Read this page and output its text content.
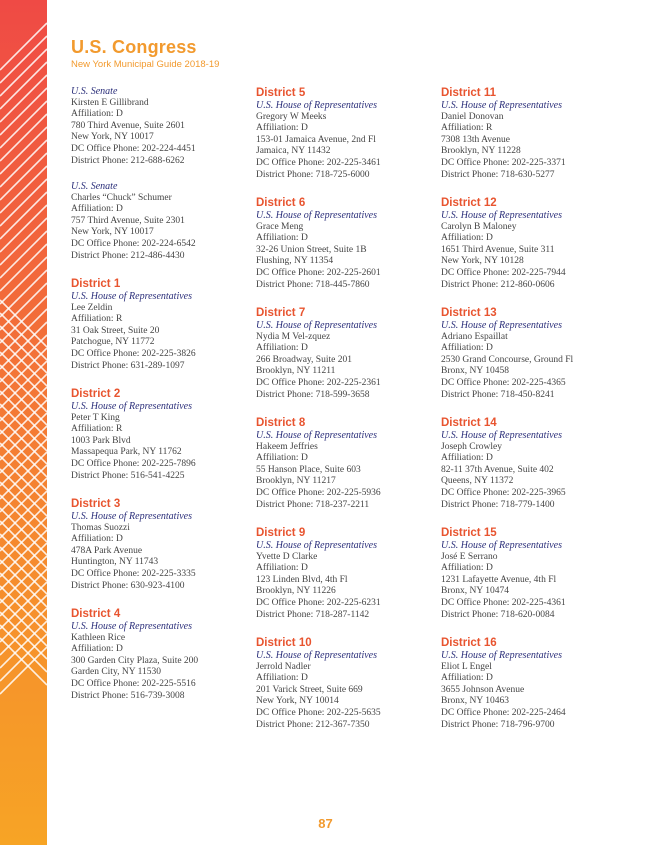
U.S. Congress
New York Municipal Guide 2018-19
U.S. Senate
Kirsten E Gillibrand
Affiliation: D
780 Third Avenue, Suite 2601
New York, NY 10017
DC Office Phone: 202-224-4451
District Phone: 212-688-6262
U.S. Senate
Charles “Chuck” Schumer
Affiliation: D
757 Third Avenue, Suite 2301
New York, NY 10017
DC Office Phone: 202-224-6542
District Phone: 212-486-4430
District 1
U.S. House of Representatives
Lee Zeldin
Affiliation: R
31 Oak Street, Suite 20
Patchogue, NY 11772
DC Office Phone: 202-225-3826
District Phone: 631-289-1097
District 2
U.S. House of Representatives
Peter T King
Affiliation: R
1003 Park Blvd
Massapequa Park, NY 11762
DC Office Phone: 202-225-7896
District Phone: 516-541-4225
District 3
U.S. House of Representatives
Thomas Suozzi
Affiliation: D
478A Park Avenue
Huntington, NY 11743
DC Office Phone: 202-225-3335
District Phone: 630-923-4100
District 4
U.S. House of Representatives
Kathleen Rice
Affiliation: D
300 Garden City Plaza, Suite 200
Garden City, NY 11530
DC Office Phone: 202-225-5516
District Phone: 516-739-3008
District 5
U.S. House of Representatives
Gregory W Meeks
Affiliation: D
153-01 Jamaica Avenue, 2nd Fl
Jamaica, NY 11432
DC Office Phone: 202-225-3461
District Phone: 718-725-6000
District 6
U.S. House of Representatives
Grace Meng
Affiliation: D
32-26 Union Street, Suite 1B
Flushing, NY 11354
DC Office Phone: 202-225-2601
District Phone: 718-445-7860
District 7
U.S. House of Representatives
Nydia M Vel-zquez
Affiliation: D
266 Broadway, Suite 201
Brooklyn, NY 11211
DC Office Phone: 202-225-2361
District Phone: 718-599-3658
District 8
U.S. House of Representatives
Hakeem Jeffries
Affiliation: D
55 Hanson Place, Suite 603
Brooklyn, NY 11217
DC Office Phone: 202-225-5936
District Phone: 718-237-2211
District 9
U.S. House of Representatives
Yvette D Clarke
Affiliation: D
123 Linden Blvd, 4th Fl
Brooklyn, NY 11226
DC Office Phone: 202-225-6231
District Phone: 718-287-1142
District 10
U.S. House of Representatives
Jerrold Nadler
Affiliation: D
201 Varick Street, Suite 669
New York, NY 10014
DC Office Phone: 202-225-5635
District Phone: 212-367-7350
District 11
U.S. House of Representatives
Daniel Donovan
Affiliation: R
7308 13th Avenue
Brooklyn, NY 11228
DC Office Phone: 202-225-3371
District Phone: 718-630-5277
District 12
U.S. House of Representatives
Carolyn B Maloney
Affiliation: D
1651 Third Avenue, Suite 311
New York, NY 10128
DC Office Phone: 202-225-7944
District Phone: 212-860-0606
District 13
U.S. House of Representatives
Adriano Espaillat
Affiliation: D
2530 Grand Concourse, Ground Fl
Bronx, NY 10458
DC Office Phone: 202-225-4365
District Phone: 718-450-8241
District 14
U.S. House of Representatives
Joseph Crowley
Affiliation: D
82-11 37th Avenue, Suite 402
Queens, NY 11372
DC Office Phone: 202-225-3965
District Phone: 718-779-1400
District 15
U.S. House of Representatives
José E Serrano
Affiliation: D
1231 Lafayette Avenue, 4th Fl
Bronx, NY 10474
DC Office Phone: 202-225-4361
District Phone: 718-620-0084
District 16
U.S. House of Representatives
Eliot L Engel
Affiliation: D
3655 Johnson Avenue
Bronx, NY 10463
DC Office Phone: 202-225-2464
District Phone: 718-796-9700
87
